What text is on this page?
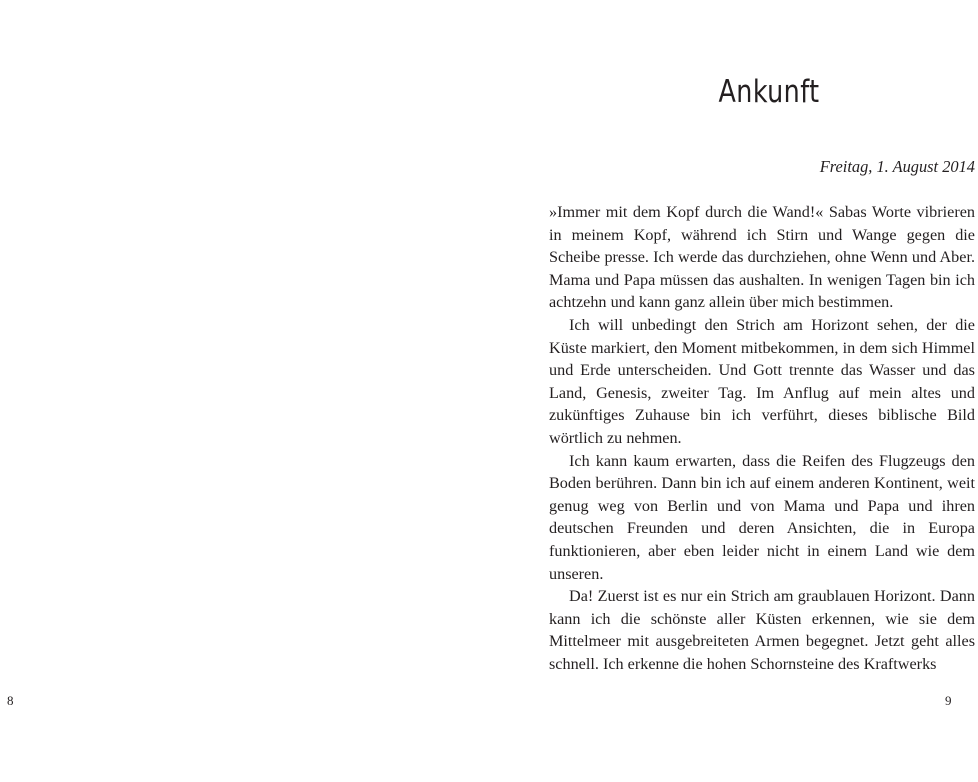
8

Ankunft

Freitag, 1. August 2014

»Immer mit dem Kopf durch die Wand!« Sabas Worte vibrieren in meinem Kopf, während ich Stirn und Wange gegen die Scheibe presse. Ich werde das durchziehen, ohne Wenn und Aber. Mama und Papa müssen das aushalten. In wenigen Tagen bin ich achtzehn und kann ganz allein über mich bestimmen.

Ich will unbedingt den Strich am Horizont sehen, der die Küste markiert, den Moment mitbekommen, in dem sich Himmel und Erde unterscheiden. Und Gott trennte das Wasser und das Land, Genesis, zweiter Tag. Im Anflug auf mein altes und zukünftiges Zuhause bin ich verführt, dieses biblische Bild wörtlich zu nehmen.

Ich kann kaum erwarten, dass die Reifen des Flugzeugs den Boden berühren. Dann bin ich auf einem anderen Kontinent, weit genug weg von Berlin und von Mama und Papa und ihren deutschen Freunden und deren Ansichten, die in Europa funktionieren, aber eben leider nicht in einem Land wie dem unseren.

Da! Zuerst ist es nur ein Strich am graublauen Horizont. Dann kann ich die schönste aller Küsten erkennen, wie sie dem Mittelmeer mit ausgebreiteten Armen begegnet. Jetzt geht alles schnell. Ich erkenne die hohen Schornsteine des Kraftwerks

9
